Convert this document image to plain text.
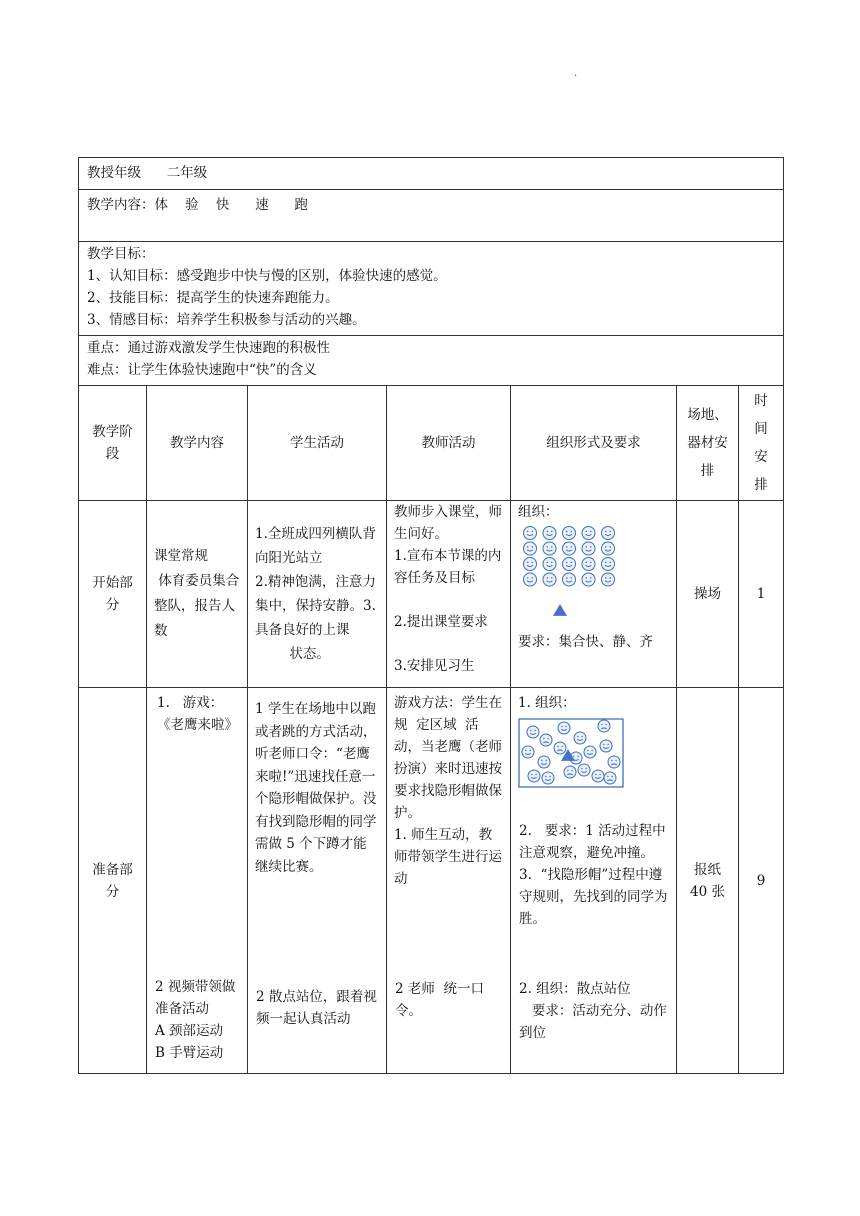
.
教授年级      二年级						

教学内容：体    验    快      速      跑						

教学目标：
1、认知目标：感受跑步中快与慢的区别，体验快速的感觉。
2、技能目标：提高学生的快速奔跑能力。
3、情感目标：培养学生积极参与活动的兴趣。						

重点：通过游戏激发学生快速跑的积极性
难点：让学生体验快速跑中“快”的含义						

教学阶段	教学内容	学生活动	教师活动	组织形式及要求	场地、器材安排	时间安排
开始部分	课堂常规
体育委员集合整队，报告人数	1.全班成四列横队背向阳光站立
2.精神饱满，注意力集中，保持安静。3.具备良好的上课
状态。	教师步入课堂，师生问好。
1.宣布本节课的内容任务及目标
2.提出课堂要求
3.安排见习生	组织：
要求：集合快、静、齐	操场	1
准备部分	1.   游戏：《老鹰来啦》
2 视频带领做准备活动
A 颈部运动
B 手臂运动	1 学生在场地中以跑或者跳的方式活动，听老师口令：“老鹰来啦!”迅速找任意一个隐形帽做保护。没有找到隐形帽的同学需做 5 个下蹲才能继续比赛。
2 散点站位，跟着视频一起认真活动	游戏方法：学生在规  定区域  活动，当老鹰（老师扮演）来时迅速按要求找隐形帽做保护。
1. 师生互动，教师带领学生进行运动
2 老师  统一口令。	1. 组织：
2.   要求：1 活动过程中注意观察，避免冲撞。
3.  “找隐形帽”过程中遵守规则，先找到的同学为胜。
2. 组织：散点站位
要求：活动充分、动作到位	报纸 40 张	9
